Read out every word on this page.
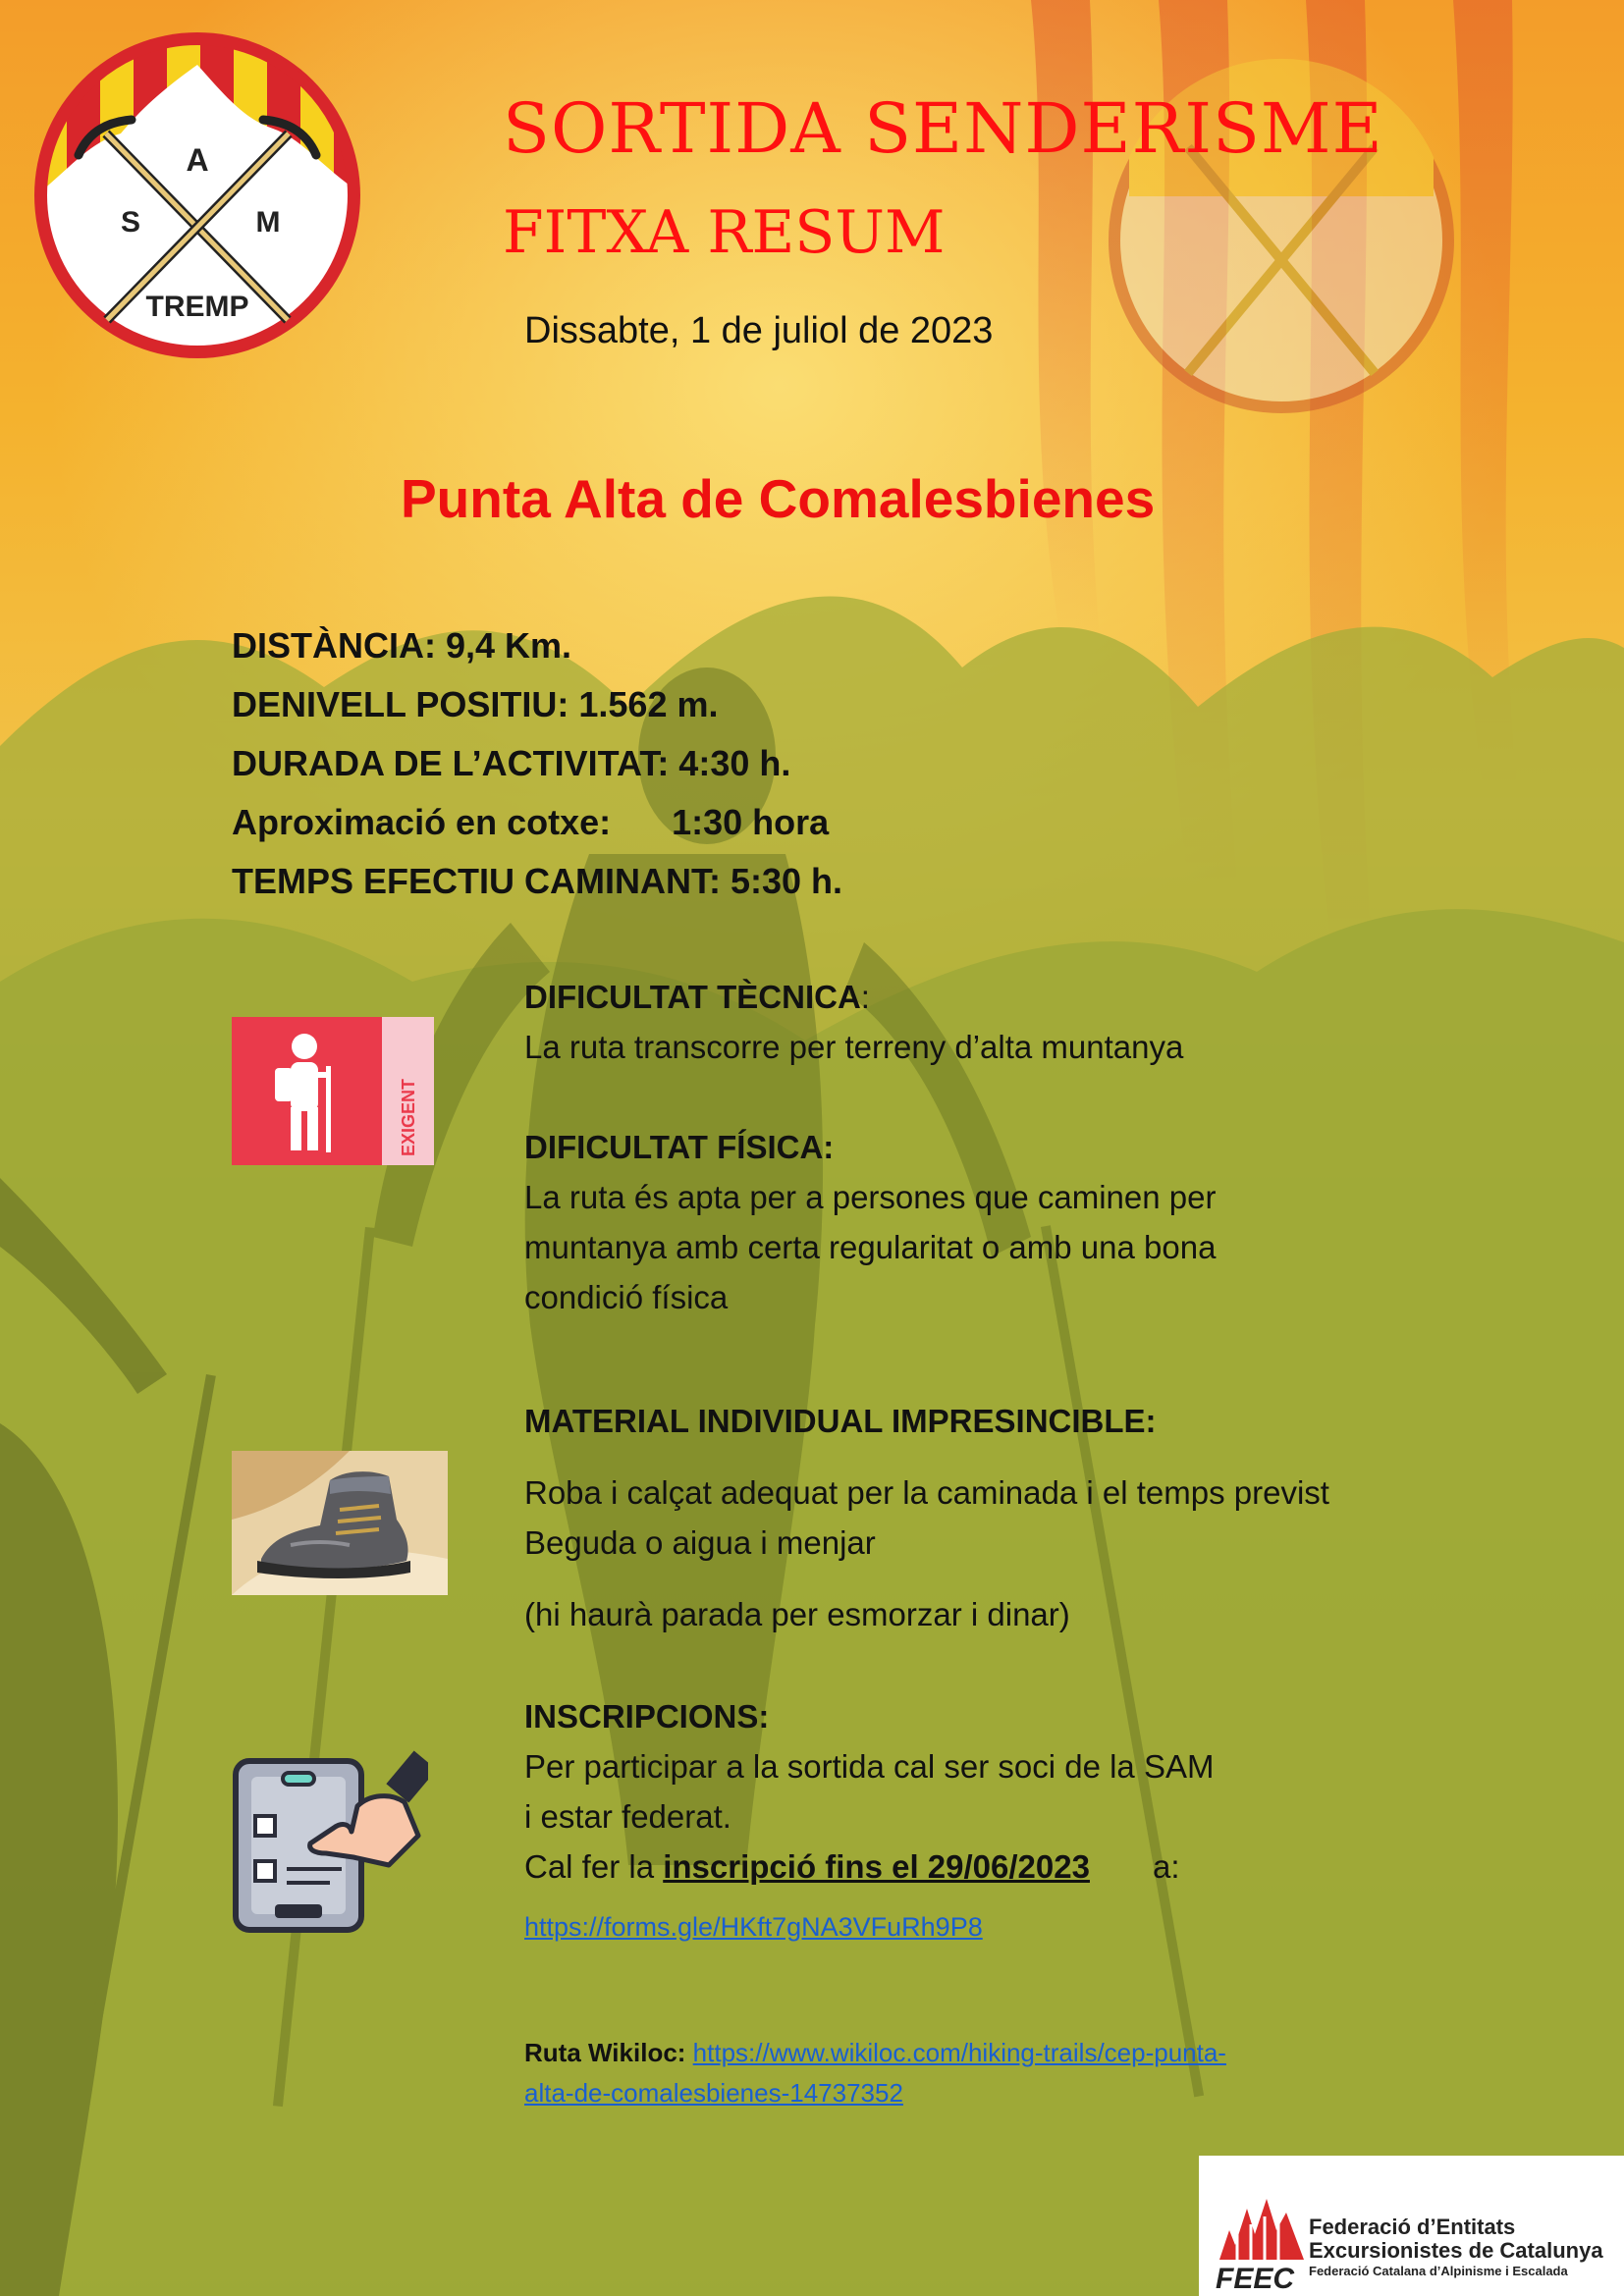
A
S	M
TREMP
SORTIDA SENDERISME
FITXA RESUM
Dissabte, 1 de juliol de 2023
Punta Alta de Comalesbienes
DISTÀNCIA: 9,4 Km.
DENIVELL POSITIU: 1.562 m.
DURADA DE L’ACTIVITAT: 4:30 h.
Aproximació en cotxe: 1:30 hora
TEMPS EFECTIU CAMINANT: 5:30 h.
EXIGENT
DIFICULTAT TÈCNICA:
La ruta transcorre per terreny d’alta muntanya
DIFICULTAT FÍSICA:
La ruta és apta per a persones que caminen per
muntanya amb certa regularitat o amb una bona
condició física
MATERIAL INDIVIDUAL IMPRESINCIBLE:
Roba i calçat adequat per la caminada i el temps previst
Beguda o aigua i menjar
(hi haurà parada per esmorzar i dinar)
INSCRIPCIONS:
Per participar a la sortida cal ser soci de la SAM
i estar federat.
Cal fer la inscripció fins el 29/06/2023 a:
https://forms.gle/HKft7gNA3VFuRh9P8
Ruta Wikiloc: https://www.wikiloc.com/hiking-trails/cep-punta-
alta-de-comalesbienes-14737352
FEEC
Federació d’Entitats
Excursionistes de Catalunya
Federació Catalana d’Alpinisme i Escalada
